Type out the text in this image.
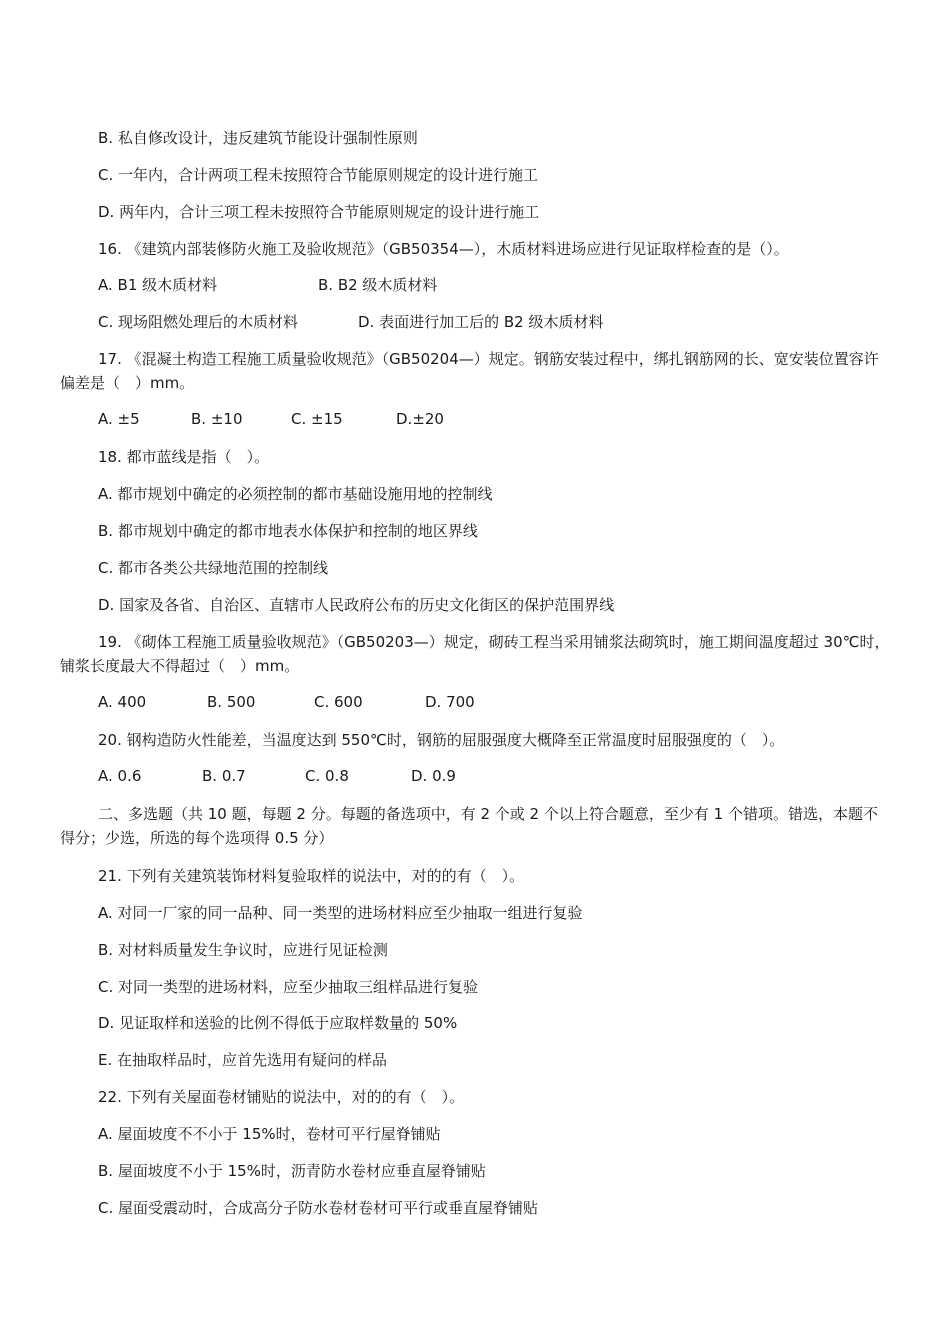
B. 私自修改设计，违反建筑节能设计强制性原则
C. 一年内，合计两项工程未按照符合节能原则规定的设计进行施工
D. 两年内，合计三项工程未按照符合节能原则规定的设计进行施工
16. 《建筑内部装修防火施工及验收规范》（GB50354—），木质材料进场应进行见证取样检查的是（）。
A. B1 级木质材料	B. B2 级木质材料
C. 现场阻燃处理后的木质材料	D. 表面进行加工后的 B2 级木质材料
17. 《混凝土构造工程施工质量验收规范》（GB50204—）规定。钢筋安装过程中，绑扎钢筋网的长、宽安装位置容许偏差是（　）mm。
A. ±5	B. ±10	C. ±15	D.±20
18. 都市蓝线是指（　）。
A. 都市规划中确定的必须控制的都市基础设施用地的控制线
B. 都市规划中确定的都市地表水体保护和控制的地区界线
C. 都市各类公共绿地范围的控制线
D. 国家及各省、自治区、直辖市人民政府公布的历史文化街区的保护范围界线
19. 《砌体工程施工质量验收规范》（GB50203—）规定，砌砖工程当采用铺浆法砌筑时，施工期间温度超过 30℃时，铺浆长度最大不得超过（　）mm。
A. 400	B. 500	C. 600	D. 700
20. 钢构造防火性能差，当温度达到 550℃时，钢筋的屈服强度大概降至正常温度时屈服强度的（　）。
A. 0.6	B. 0.7	C. 0.8	D. 0.9
二、多选题（共 10 题，每题 2 分。每题的备选项中，有 2 个或 2 个以上符合题意，至少有 1 个错项。错选，本题不得分；少选，所选的每个选项得 0.5 分）
21. 下列有关建筑装饰材料复验取样的说法中，对的的有（　）。
A. 对同一厂家的同一品种、同一类型的进场材料应至少抽取一组进行复验
B. 对材料质量发生争议时，应进行见证检测
C. 对同一类型的进场材料，应至少抽取三组样品进行复验
D. 见证取样和送验的比例不得低于应取样数量的 50%
E. 在抽取样品时，应首先选用有疑问的样品
22. 下列有关屋面卷材铺贴的说法中，对的的有（　）。
A. 屋面坡度不不小于 15%时，卷材可平行屋脊铺贴
B. 屋面坡度不小于 15%时，沥青防水卷材应垂直屋脊铺贴
C. 屋面受震动时，合成高分子防水卷材卷材可平行或垂直屋脊铺贴
